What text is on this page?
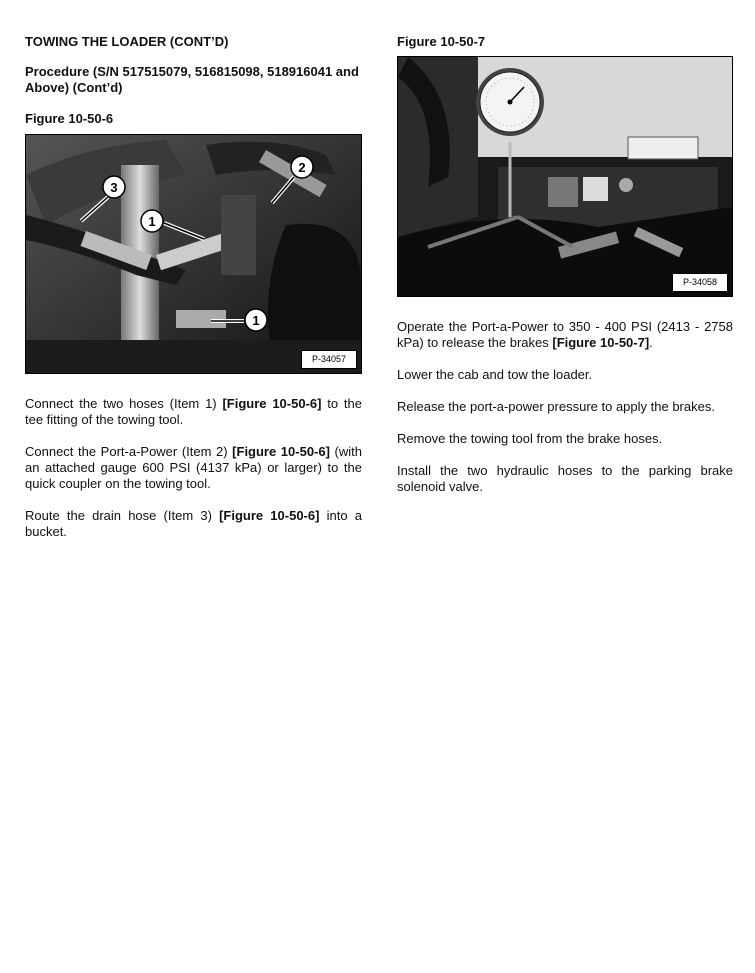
TOWING THE LOADER (CONT’D)
Procedure (S/N 517515079, 516815098, 518916041 and Above) (Cont’d)
Figure 10-50-6
3
1
2
1
P-34057

Connect the two hoses (Item 1) [Figure 10-50-6] to the tee fitting of the towing tool.

Connect the Port-a-Power (Item 2) [Figure 10-50-6] (with an attached gauge 600 PSI (4137 kPa) or larger) to the quick coupler on the towing tool.

Route the drain hose (Item 3) [Figure 10-50-6] into a bucket.

Figure 10-50-7
P-34058

Operate the Port-a-Power to 350 - 400 PSI (2413 - 2758 kPa) to release the brakes [Figure 10-50-7].

Lower the cab and tow the loader.

Release the port-a-power pressure to apply the brakes.

Remove the towing tool from the brake hoses.

Install the two hydraulic hoses to the parking brake solenoid valve.
